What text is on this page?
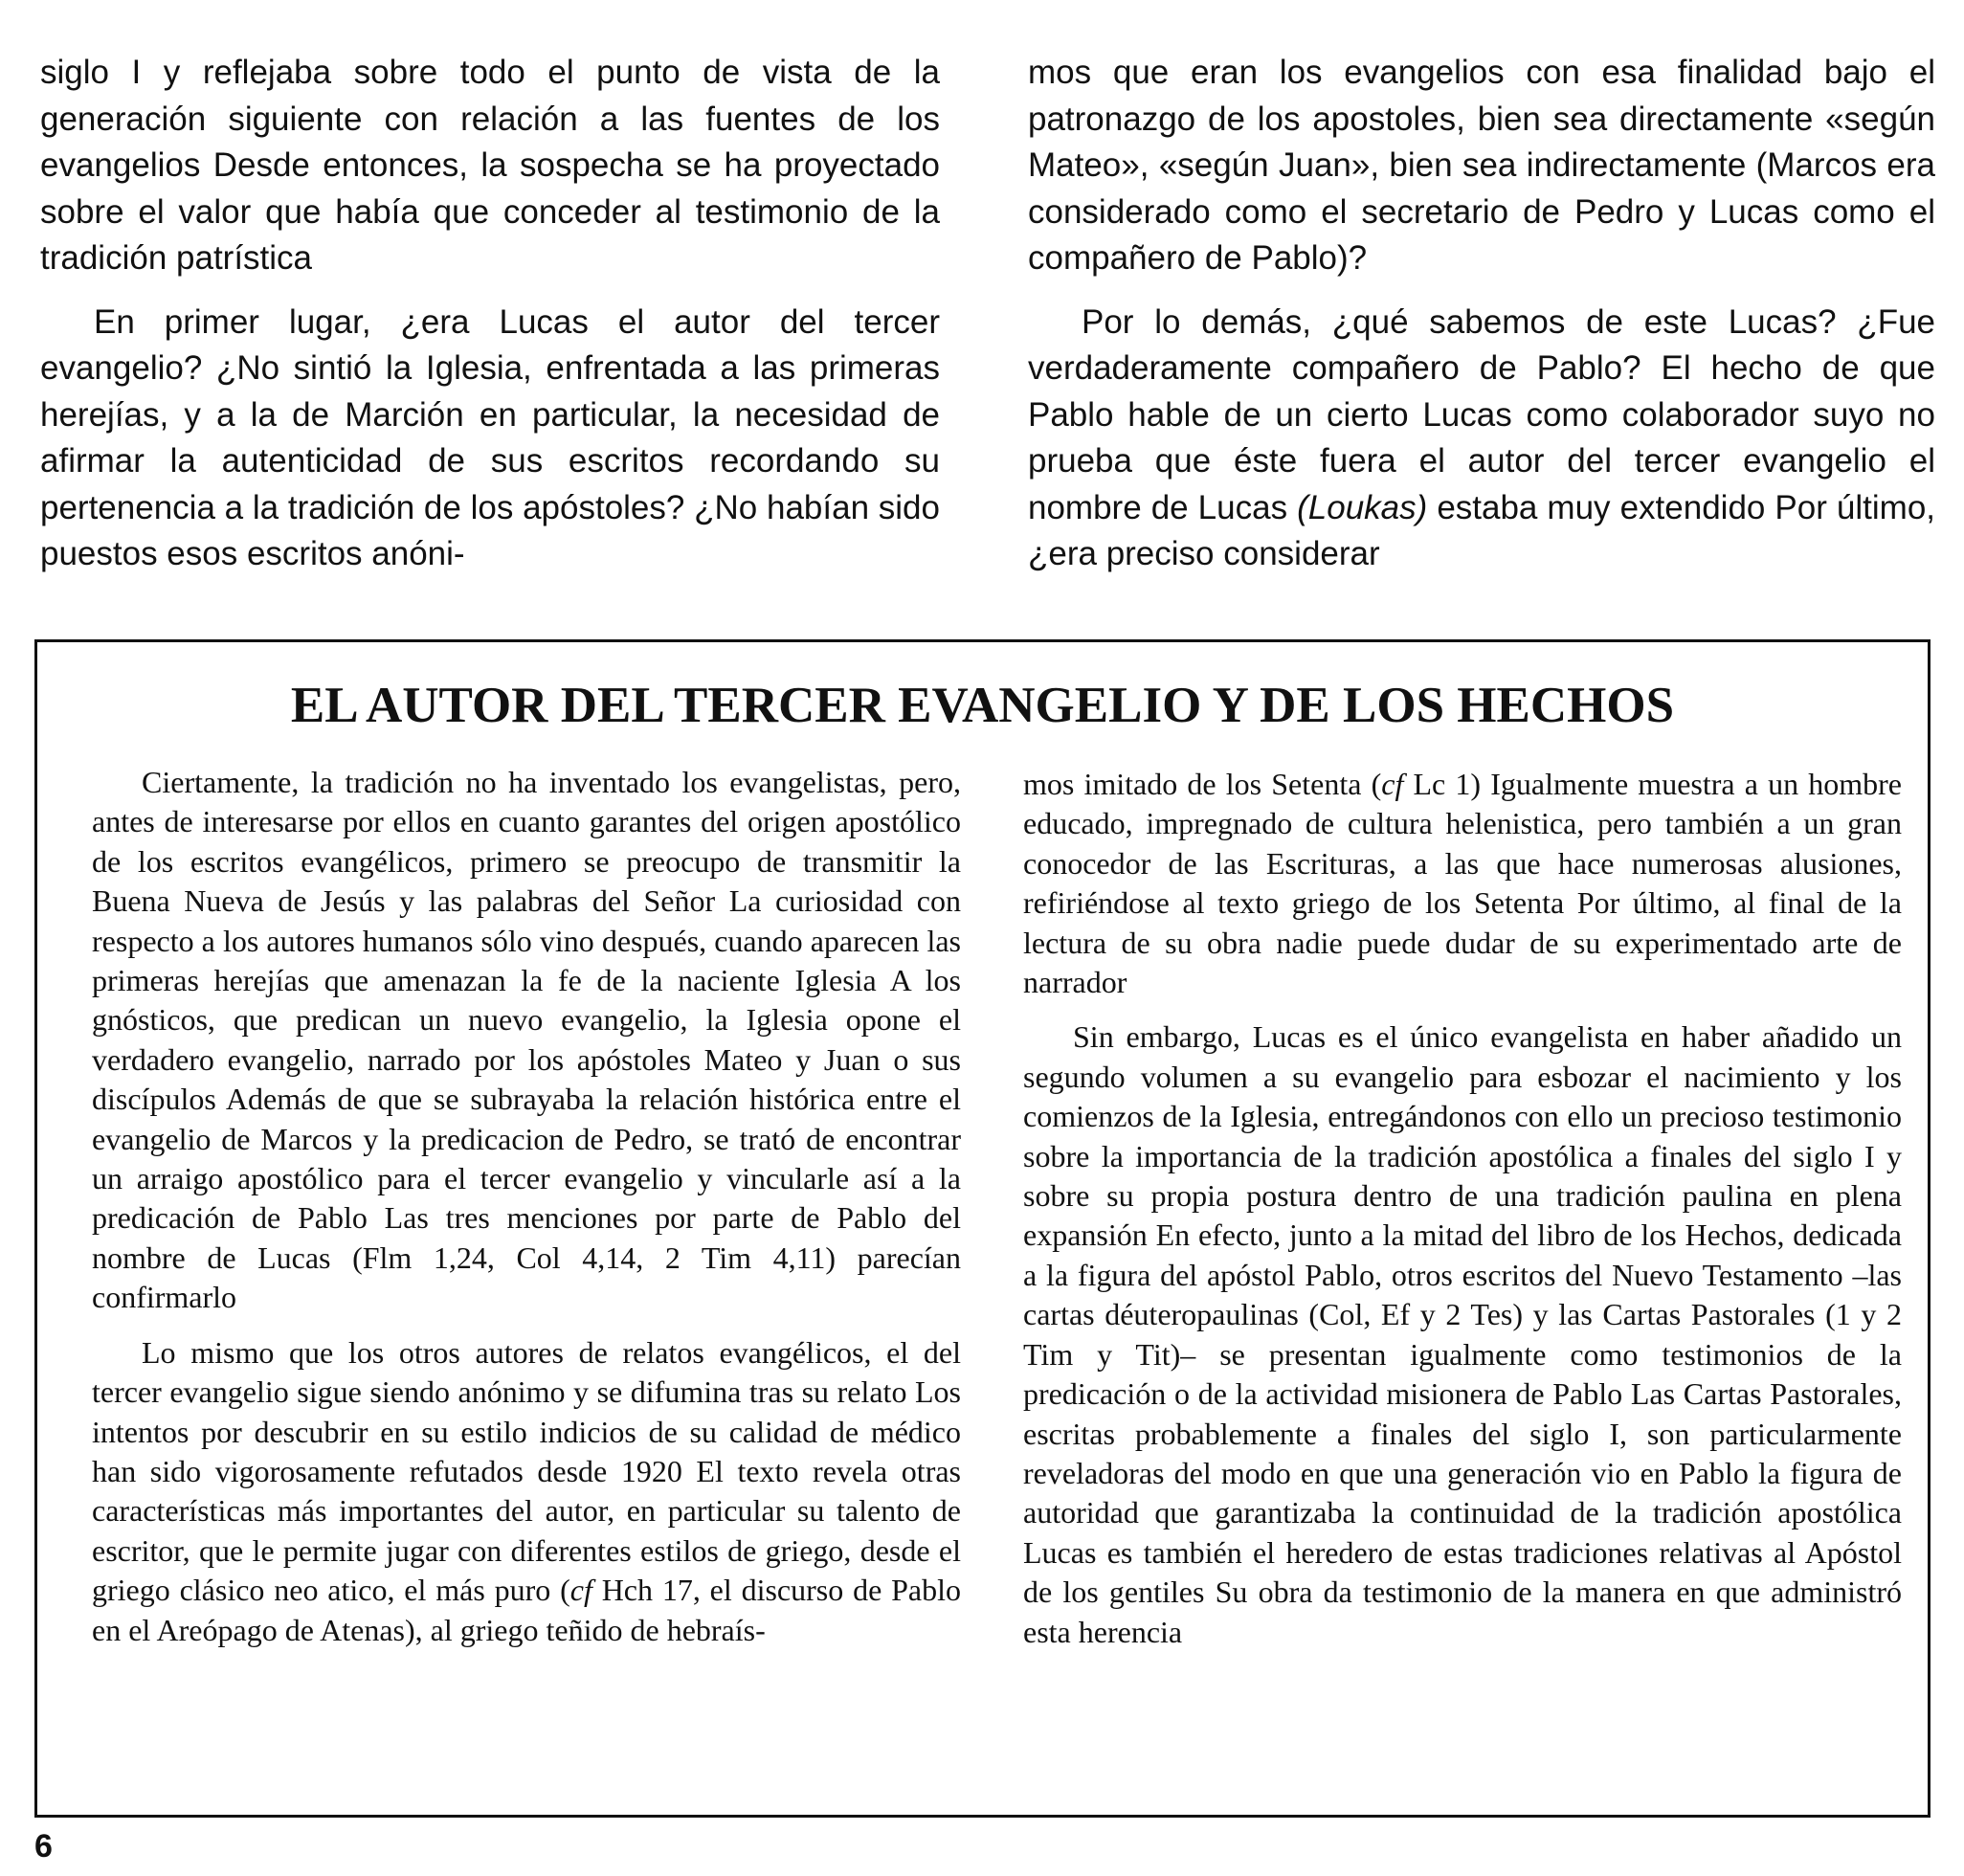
siglo I y reflejaba sobre todo el punto de vista de la generación siguiente con relación a las fuentes de los evangelios Desde entonces, la sospecha se ha proyectado sobre el valor que había que conceder al testimonio de la tradición patrística

En primer lugar, ¿era Lucas el autor del tercer evangelio? ¿No sintió la Iglesia, enfrentada a las primeras herejías, y a la de Marción en particular, la necesidad de afirmar la autenticidad de sus escritos recordando su pertenencia a la tradición de los apóstoles? ¿No habían sido puestos esos escritos anóni-

mos que eran los evangelios con esa finalidad bajo el patronazgo de los apostoles, bien sea directamente «según Mateo», «según Juan», bien sea indirectamente (Marcos era considerado como el secretario de Pedro y Lucas como el compañero de Pablo)?

Por lo demás, ¿qué sabemos de este Lucas? ¿Fue verdaderamente compañero de Pablo? El hecho de que Pablo hable de un cierto Lucas como colaborador suyo no prueba que éste fuera el autor del tercer evangelio el nombre de Lucas (Loukas) estaba muy extendido Por último, ¿era preciso considerar

EL AUTOR DEL TERCER EVANGELIO Y DE LOS HECHOS

Ciertamente, la tradición no ha inventado los evangelistas, pero, antes de interesarse por ellos en cuanto garantes del origen apostólico de los escritos evangélicos, primero se preocupo de transmitir la Buena Nueva de Jesús y las palabras del Señor La curiosidad con respecto a los autores humanos sólo vino después, cuando aparecen las primeras herejías que amenazan la fe de la naciente Iglesia A los gnósticos, que predican un nuevo evangelio, la Iglesia opone el verdadero evangelio, narrado por los apóstoles Mateo y Juan o sus discípulos Además de que se subrayaba la relación histórica entre el evangelio de Marcos y la predicacion de Pedro, se trató de encontrar un arraigo apostólico para el tercer evangelio y vincularle así a la predicación de Pablo Las tres menciones por parte de Pablo del nombre de Lucas (Flm 1,24, Col 4,14, 2 Tim 4,11) parecían confirmarlo

Lo mismo que los otros autores de relatos evangélicos, el del tercer evangelio sigue siendo anónimo y se difumina tras su relato Los intentos por descubrir en su estilo indicios de su calidad de médico han sido vigorosamente refutados desde 1920 El texto revela otras características más importantes del autor, en particular su talento de escritor, que le permite jugar con diferentes estilos de griego, desde el griego clásico neo atico, el más puro (cf Hch 17, el discurso de Pablo en el Areópago de Atenas), al griego teñido de hebraís-

mos imitado de los Setenta (cf Lc 1) Igualmente muestra a un hombre educado, impregnado de cultura helenistica, pero también a un gran conocedor de las Escrituras, a las que hace numerosas alusiones, refiriéndose al texto griego de los Setenta Por último, al final de la lectura de su obra nadie puede dudar de su experimentado arte de narrador

Sin embargo, Lucas es el único evangelista en haber añadido un segundo volumen a su evangelio para esbozar el nacimiento y los comienzos de la Iglesia, entregándonos con ello un precioso testimonio sobre la importancia de la tradición apostólica a finales del siglo I y sobre su propia postura dentro de una tradición paulina en plena expansión En efecto, junto a la mitad del libro de los Hechos, dedicada a la figura del apóstol Pablo, otros escritos del Nuevo Testamento –las cartas déuteropaulinas (Col, Ef y 2 Tes) y las Cartas Pastorales (1 y 2 Tim y Tit)– se presentan igualmente como testimonios de la predicación o de la actividad misionera de Pablo Las Cartas Pastorales, escritas probablemente a finales del siglo I, son particularmente reveladoras del modo en que una generación vio en Pablo la figura de autoridad que garantizaba la continuidad de la tradición apostólica Lucas es también el heredero de estas tradiciones relativas al Apóstol de los gentiles Su obra da testimonio de la manera en que administró esta herencia

6
